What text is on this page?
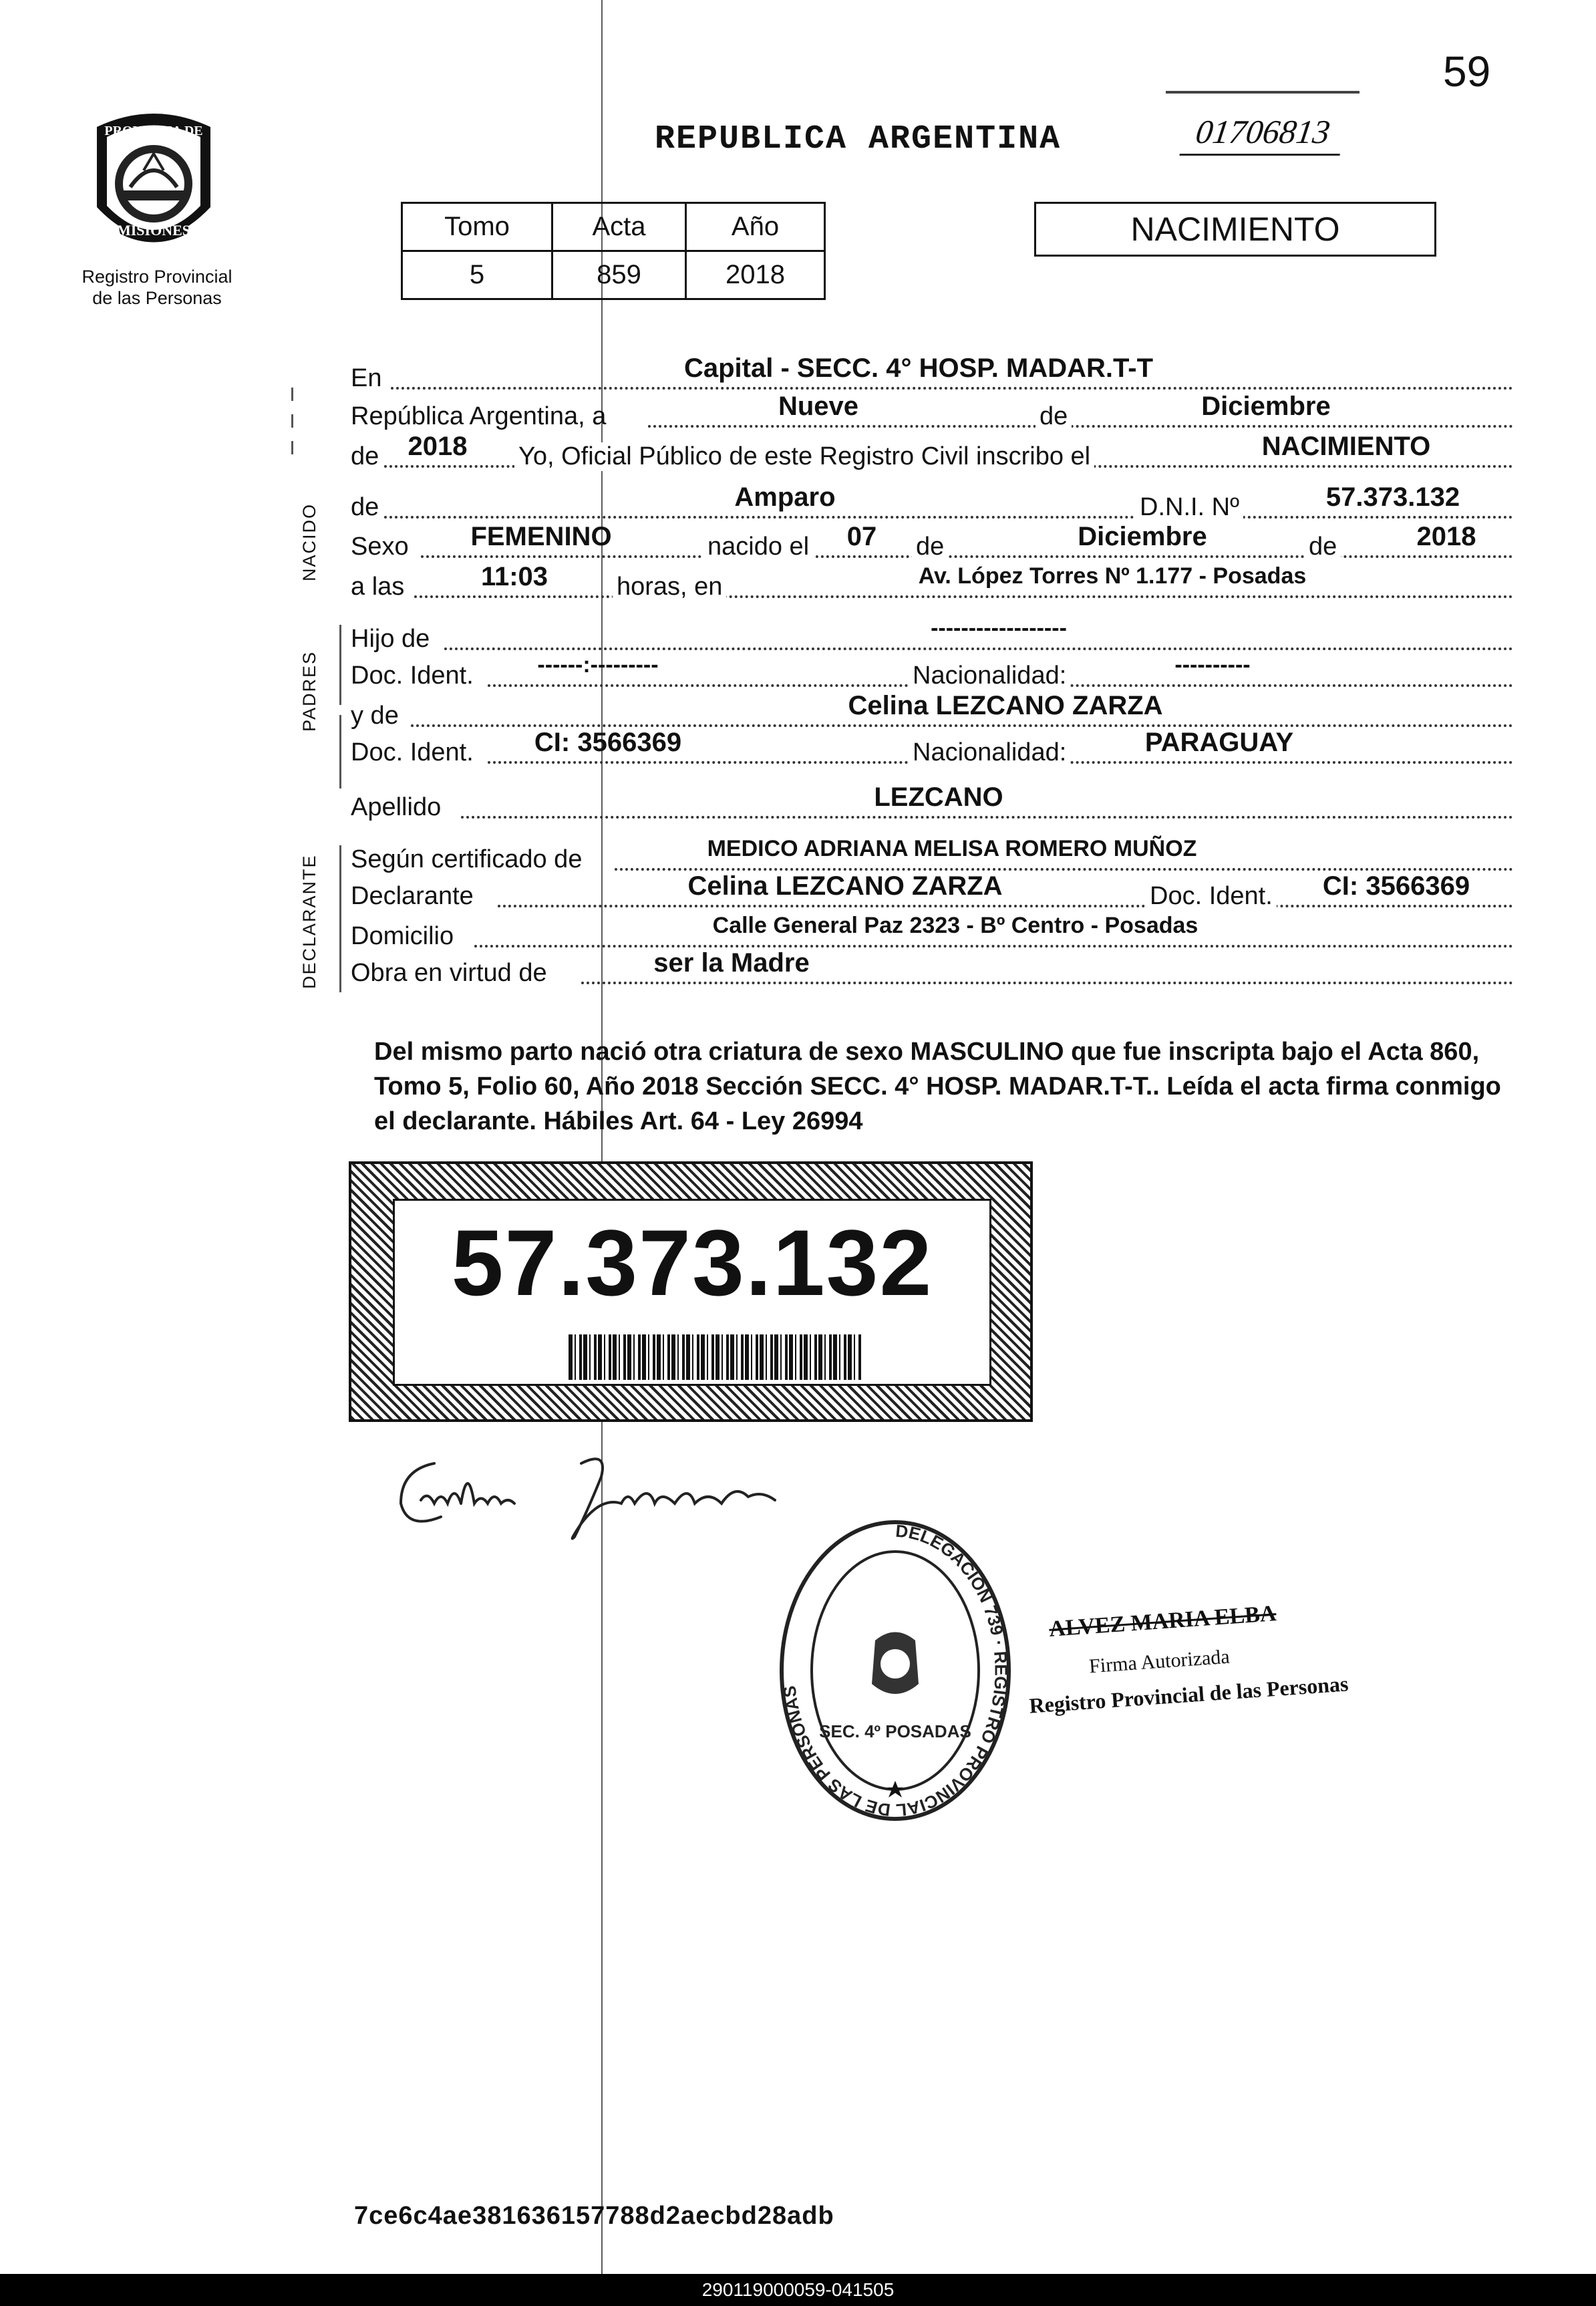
59
REPUBLICA ARGENTINA	01706813
PROVINCIA DE
MISIONES
Registro Provincial
de las Personas
Tomo	Acta	Año
5	859	2018
NACIMIENTO
NACIDO
PADRES
DECLARANTE
En	Capital - SECC. 4° HOSP. MADAR.T-T
República Argentina, a	Nueve	de	Diciembre
de	2018	Yo, Oficial Público de este Registro Civil inscribo el	NACIMIENTO
de	Amparo	D.N.I. Nº	57.373.132
Sexo	FEMENINO	nacido el	07	de	Diciembre	de	2018
a las	11:03	horas, en	Av. López Torres Nº 1.177 - Posadas
Hijo de	------------------
Doc. Ident.	------:---------	Nacionalidad:	----------
y de	Celina LEZCANO ZARZA
Doc. Ident.	CI: 3566369	Nacionalidad:	PARAGUAY
Apellido	LEZCANO
Según certificado de	MEDICO ADRIANA MELISA ROMERO MUÑOZ
Declarante	Celina LEZCANO ZARZA	Doc. Ident.	CI: 3566369
Domicilio	Calle General Paz 2323 - Bº Centro - Posadas
Obra en virtud de	ser la Madre
Del mismo parto nació otra criatura de sexo MASCULINO que fue inscripta bajo el Acta 860, Tomo 5, Folio 60, Año 2018 Sección SECC. 4° HOSP. MADAR.T-T.. Leída el acta firma conmigo el declarante. Hábiles Art. 64 - Ley 26994
57.373.132
Celina Lezcano
DELEGACION 739 · REGISTRO PROVINCIAL DE LAS PERSONAS
SEC. 4º POSADAS
ALVEZ MARIA ELBA
Firma Autorizada
Registro Provincial de las Personas
7ce6c4ae381636157788d2aecbd28adb
290119000059-041505
